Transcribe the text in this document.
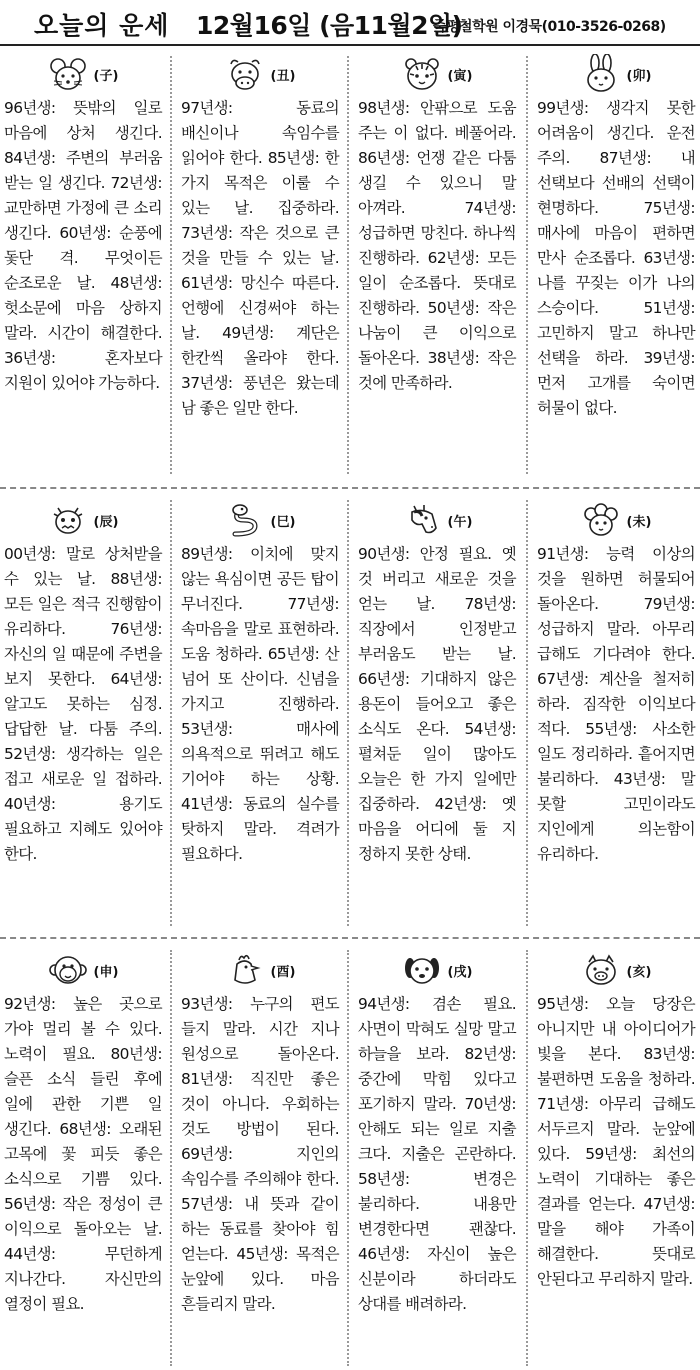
오늘의 운세 12월16일 (음11월2일)
죽평철학원 이경묵(010-3526-0268)
(子)
96년생: 뜻밖의 일로 마음에 상처 생긴다. 84년생: 주변의 부러움 받는 일 생긴다. 72년생: 교만하면 가정에 큰 소리 생긴다. 60년생: 순풍에 돛단 격. 무엇이든 순조로운 날. 48년생: 헛소문에 마음 상하지 말라. 시간이 해결한다. 36년생: 혼자보다 지원이 있어야 가능하다.
(丑)
97년생: 동료의 배신이나 속임수를 읽어야 한다. 85년생: 한 가지 목적은 이룰 수 있는 날. 집중하라. 73년생: 작은 것으로 큰 것을 만들 수 있는 날. 61년생: 망신수 따른다. 언행에 신경써야 하는 날. 49년생: 계단은 한칸씩 올라야 한다. 37년생: 풍년은 왔는데 남 좋은 일만 한다.
(寅)
98년생: 안팎으로 도움 주는 이 없다. 베풀어라. 86년생: 언쟁 같은 다툼 생길 수 있으니 말 아껴라. 74년생: 성급하면 망친다. 하나씩 진행하라. 62년생: 모든 일이 순조롭다. 뜻대로 진행하라. 50년생: 작은 나눔이 큰 이익으로 돌아온다. 38년생: 작은 것에 만족하라.
(卯)
99년생: 생각지 못한 어려움이 생긴다. 운전 주의. 87년생: 내 선택보다 선배의 선택이 현명하다. 75년생: 매사에 마음이 편하면 만사 순조롭다. 63년생: 나를 꾸짖는 이가 나의 스승이다. 51년생: 고민하지 말고 하나만 선택을 하라. 39년생: 먼저 고개를 숙이면 허물이 없다.
(辰)
00년생: 말로 상처받을 수 있는 날. 88년생: 모든 일은 적극 진행함이 유리하다. 76년생: 자신의 일 때문에 주변을 보지 못한다. 64년생: 알고도 못하는 심정. 답답한 날. 다툼 주의. 52년생: 생각하는 일은 접고 새로운 일 접하라. 40년생: 용기도 필요하고 지혜도 있어야 한다.
(巳)
89년생: 이치에 맞지 않는 욕심이면 공든 탑이 무너진다. 77년생: 속마음을 말로 표현하라. 도움 청하라. 65년생: 산 넘어 또 산이다. 신념을 가지고 진행하라. 53년생: 매사에 의욕적으로 뛰려고 해도 기어야 하는 상황. 41년생: 동료의 실수를 탓하지 말라. 격려가 필요하다.
(午)
90년생: 안정 필요. 옛 것 버리고 새로운 것을 얻는 날. 78년생: 직장에서 인정받고 부러움도 받는 날. 66년생: 기대하지 않은 용돈이 들어오고 좋은 소식도 온다. 54년생: 펼쳐둔 일이 많아도 오늘은 한 가지 일에만 집중하라. 42년생: 옛 마음을 어디에 둘 지 정하지 못한 상태.
(未)
91년생: 능력 이상의 것을 원하면 허물되어 돌아온다. 79년생: 성급하지 말라. 아무리 급해도 기다려야 한다. 67년생: 계산을 철저히 하라. 짐작한 이익보다 적다. 55년생: 사소한 일도 정리하라. 흩어지면 불리하다. 43년생: 말 못할 고민이라도 지인에게 의논함이 유리하다.
(申)
92년생: 높은 곳으로 가야 멀리 볼 수 있다. 노력이 필요. 80년생: 슬픈 소식 들린 후에 일에 관한 기쁜 일 생긴다. 68년생: 오래된 고목에 꽃 피듯 좋은 소식으로 기쁨 있다. 56년생: 작은 정성이 큰 이익으로 돌아오는 날. 44년생: 무던하게 지나간다. 자신만의 열정이 필요.
(酉)
93년생: 누구의 편도 들지 말라. 시간 지나 원성으로 돌아온다. 81년생: 직진만 좋은 것이 아니다. 우회하는 것도 방법이 된다. 69년생: 지인의 속임수를 주의해야 한다. 57년생: 내 뜻과 같이 하는 동료를 찾아야 힘 얻는다. 45년생: 목적은 눈앞에 있다. 마음 흔들리지 말라.
(戌)
94년생: 겸손 필요. 사면이 막혀도 실망 말고 하늘을 보라. 82년생: 중간에 막힘 있다고 포기하지 말라. 70년생: 안해도 되는 일로 지출 크다. 지출은 곤란하다. 58년생: 변경은 불리하다. 내용만 변경한다면 괜찮다. 46년생: 자신이 높은 신분이라 하더라도 상대를 배려하라.
(亥)
95년생: 오늘 당장은 아니지만 내 아이디어가 빛을 본다. 83년생: 불편하면 도움을 청하라. 71년생: 아무리 급해도 서두르지 말라. 눈앞에 있다. 59년생: 최선의 노력이 기대하는 좋은 결과를 얻는다. 47년생: 말을 해야 가족이 해결한다. 뜻대로 안된다고 무리하지 말라.
